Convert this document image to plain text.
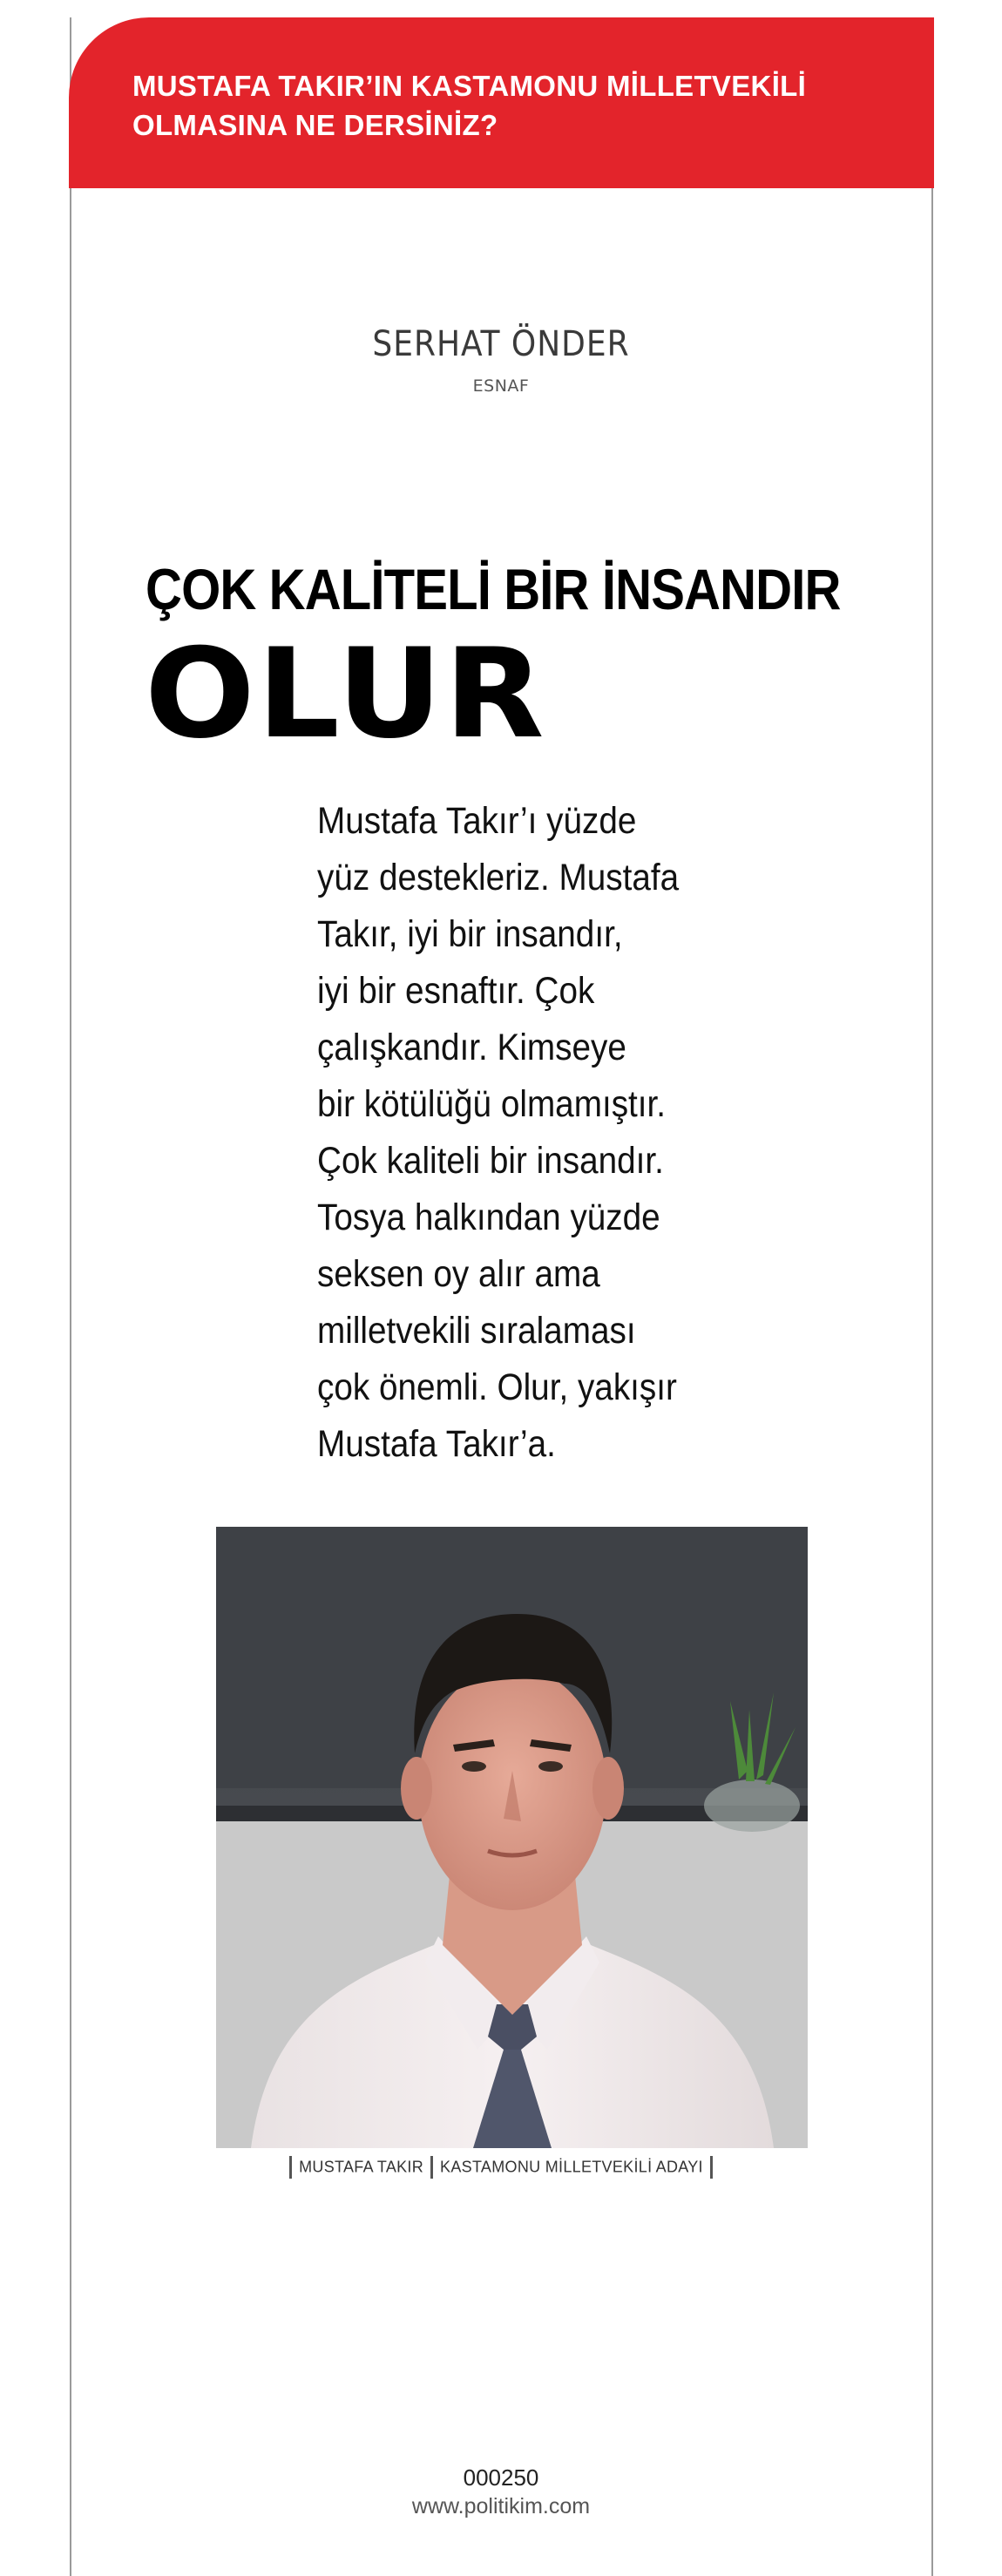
MUSTAFA TAKIR’IN KASTAMONU MİLLETVEKİLİ
OLMASINA NE DERSİNİZ?

SERHAT ÖNDER
ESNAF
ÇOK KALİTELİ BİR İNSANDIR
OLUR
Mustafa Takır’ı yüzde
yüz destekleriz. Mustafa
Takır, iyi bir insandır,
iyi bir esnaftır. Çok
çalışkandır. Kimseye
bir kötülüğü olmamıştır.
Çok kaliteli bir insandır.
Tosya halkından yüzde
seksen oy alır ama
milletvekili sıralaması
çok önemli. Olur, yakışır
Mustafa Takır’a.
MUSTAFA TAKIR KASTAMONU MİLLETVEKİLİ ADAYI
000250
www.politikim.com
